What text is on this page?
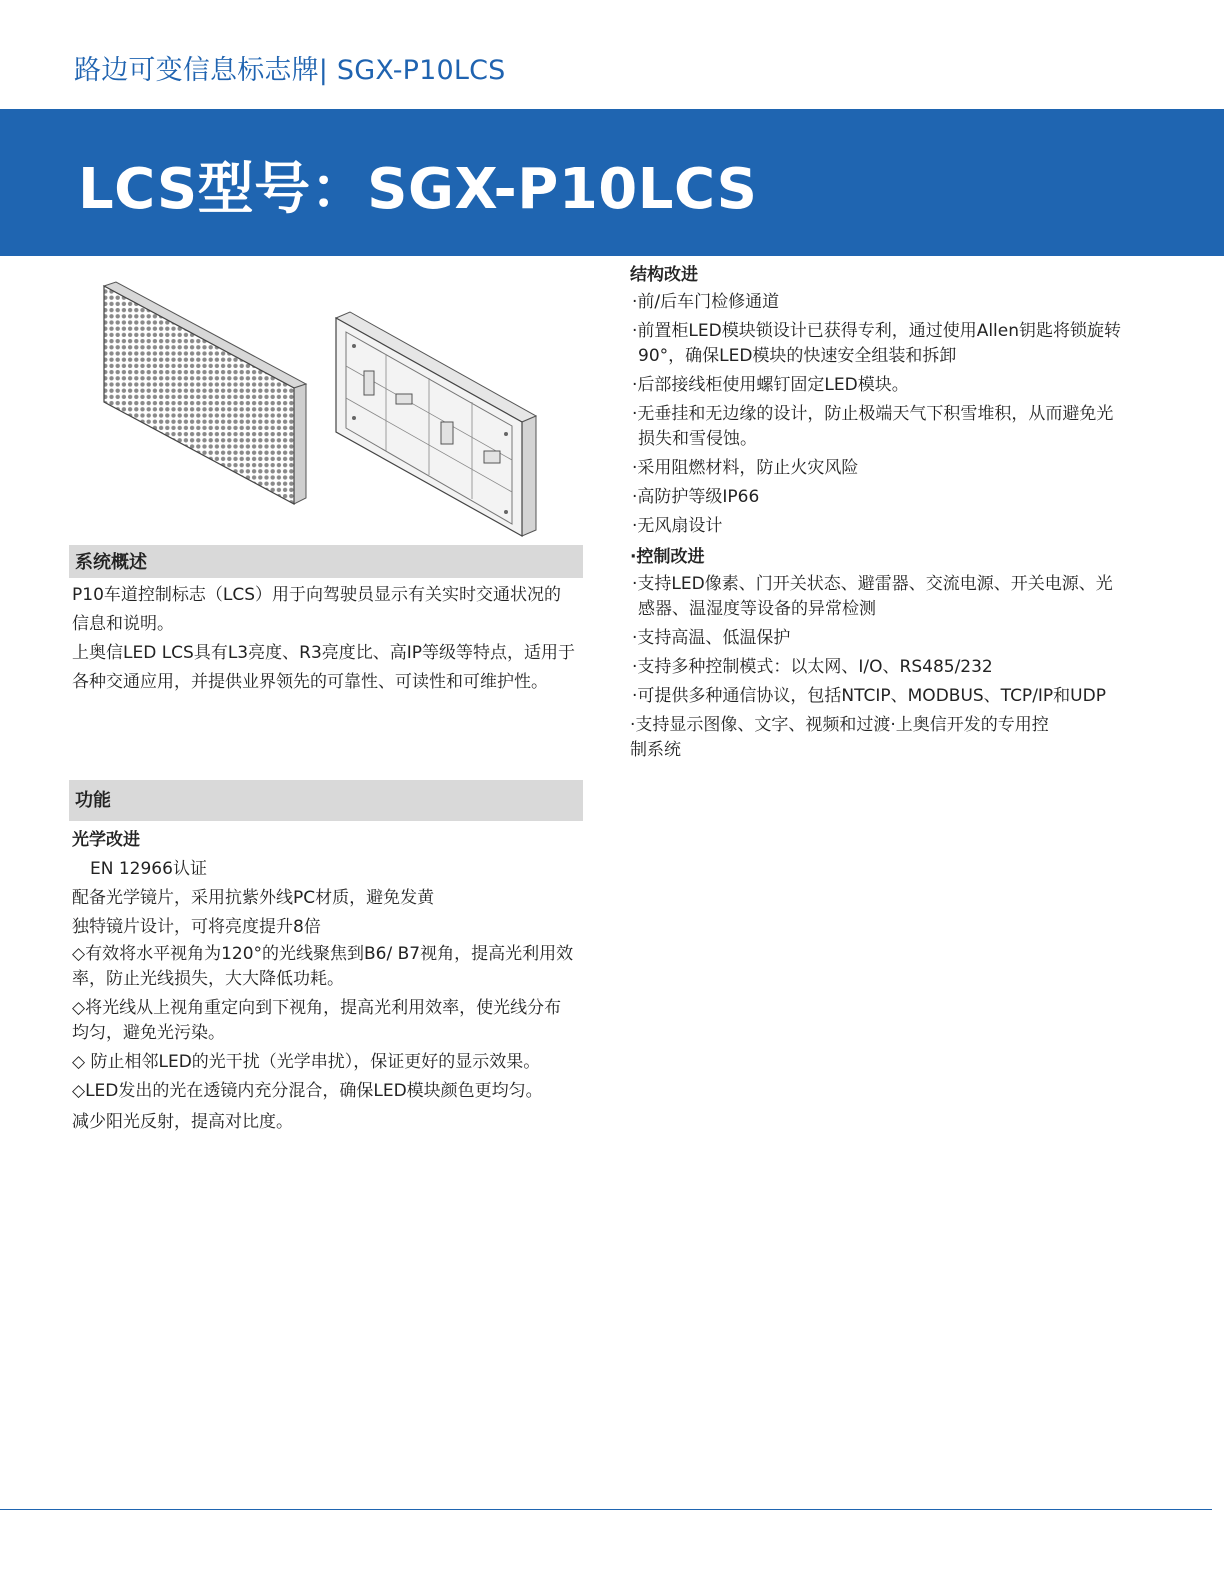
路边可变信息标志牌| SGX-P10LCS
LCS型号：SGX-P10LCS
系统概述

P10车道控制标志（LCS）用于向驾驶员显示有关实时交通状况的信息和说明。

上奥信LED LCS具有L3亮度、R3亮度比、高IP等级等特点，适用于各种交通应用，并提供业界领先的可靠性、可读性和可维护性。

功能

光学改进

EN 12966认证

配备光学镜片，采用抗紫外线PC材质，避免发黄

独特镜片设计，可将亮度提升8倍

◇有效将水平视角为120°的光线聚焦到B6/ B7视角，提高光利用效率，防止光线损失，大大降低功耗。

◇将光线从上视角重定向到下视角，提高光利用效率，使光线分布均匀，避免光污染。

◇ 防止相邻LED的光干扰（光学串扰），保证更好的显示效果。

◇LED发出的光在透镜内充分混合，确保LED模块颜色更均匀。

减少阳光反射，提高对比度。

结构改进

·前/后车门检修通道

·前置柜LED模块锁设计已获得专利，通过使用Allen钥匙将锁旋转90°，确保LED模块的快速安全组装和拆卸

·后部接线柜使用螺钉固定LED模块。

·无垂挂和无边缘的设计，防止极端天气下积雪堆积，从而避免光损失和雪侵蚀。

·采用阻燃材料，防止火灾风险

·高防护等级IP66

·无风扇设计

·控制改进

·支持LED像素、门开关状态、避雷器、交流电源、开关电源、光感器、温湿度等设备的异常检测

·支持高温、低温保护

·支持多种控制模式：以太网、I/O、RS485/232

·可提供多种通信协议，包括NTCIP、MODBUS、TCP/IP和UDP

·支持显示图像、文字、视频和过渡·上奥信开发的专用控制系统
